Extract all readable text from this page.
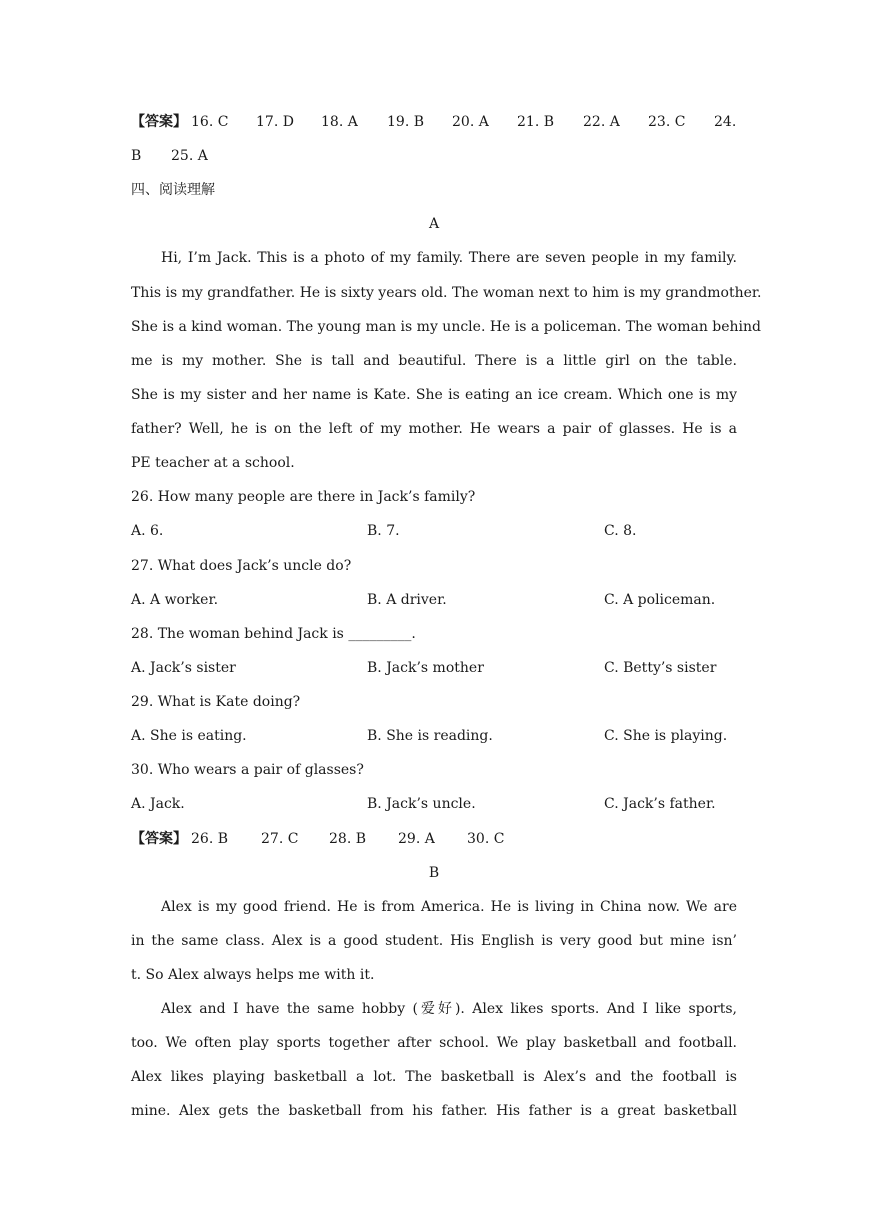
【答案】 16. C 17. D 18. A 19. B 20. A 21. B 22. A 23. C 24.
B 25. A
四、阅读理解
A
Hi, I’m Jack. This is a photo of my family. There are seven people in my family.
This is my grandfather. He is sixty years old. The woman next to him is my grandmother.
She is a kind woman. The young man is my uncle. He is a policeman. The woman behind
me is my mother. She is tall and beautiful. There is a little girl on the table.
She is my sister and her name is Kate. She is eating an ice cream. Which one is my
father? Well, he is on the left of my mother. He wears a pair of glasses. He is a
PE teacher at a school.
26. How many people are there in Jack’s family?
A. 6.	B. 7.	C. 8.
27. What does Jack’s uncle do?
A. A worker.	B. A driver.	C. A policeman.
28. The woman behind Jack is _________.
A. Jack’s sister	B. Jack’s mother	C. Betty’s sister
29. What is Kate doing?
A. She is eating.	B. She is reading.	C. She is playing.
30. Who wears a pair of glasses?
A. Jack.	B. Jack’s uncle.	C. Jack’s father.
【答案】 26. B 27. C 28. B 29. A 30. C
B
Alex is my good friend. He is from America. He is living in China now. We are
in the same class. Alex is a good student. His English is very good but mine isn’
t. So Alex always helps me with it.
Alex and I have the same hobby (爱好). Alex likes sports. And I like sports,
too. We often play sports together after school. We play basketball and football.
Alex likes playing basketball a lot. The basketball is Alex’s and the football is
mine. Alex gets the basketball from his father. His father is a great basketball
